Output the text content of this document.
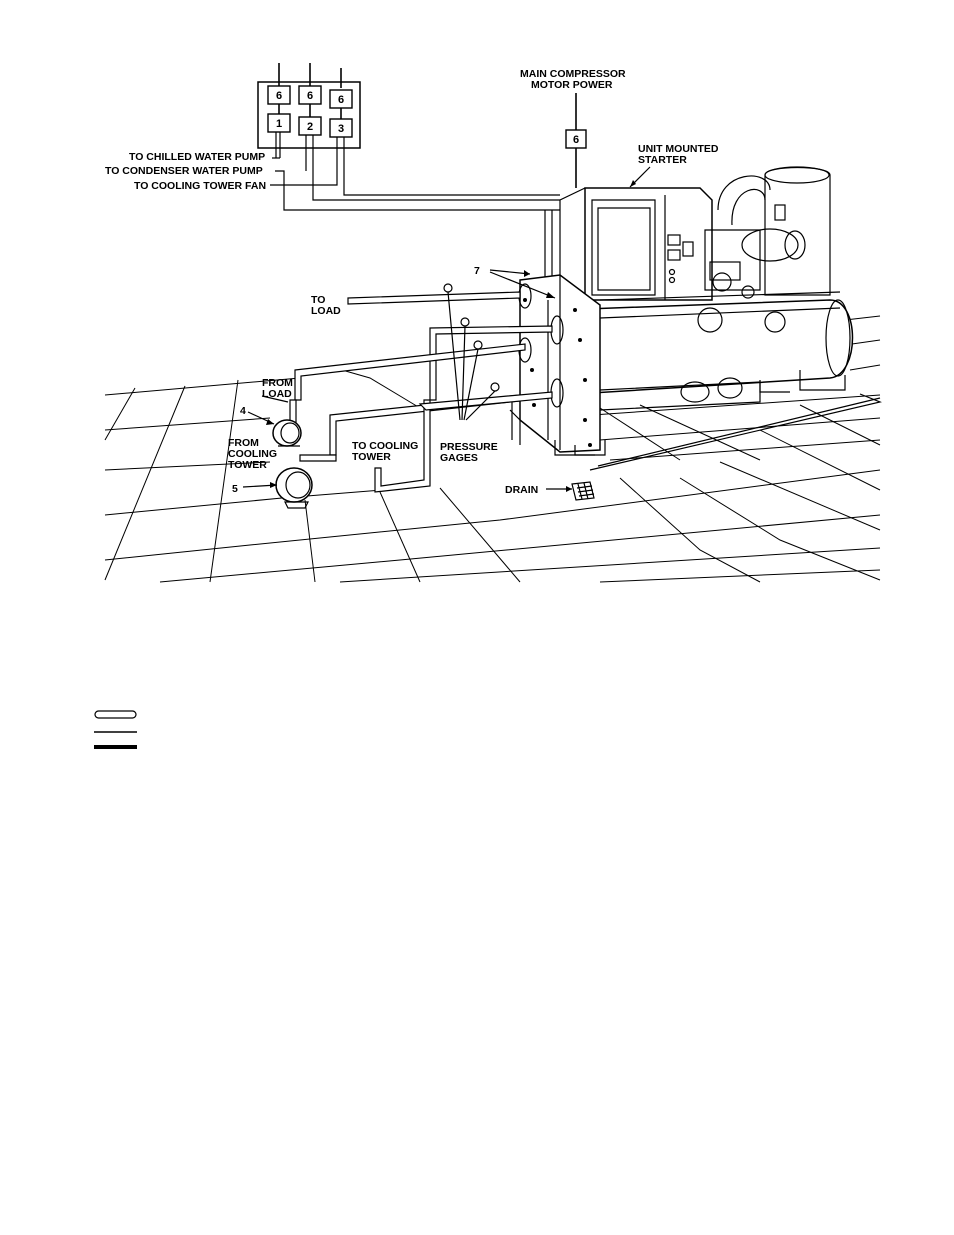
6 6 6
1 2 3
TO CHILLED WATER PUMP
TO CONDENSER WATER PUMP
TO COOLING TOWER FAN
MAIN COMPRESSOR
MOTOR POWER
6
UNIT MOUNTED
STARTER
7
TO
LOAD
FROM
LOAD
4
FROM
COOLING
TOWER
5
TO COOLING
TOWER
PRESSURE
GAGES
DRAIN
